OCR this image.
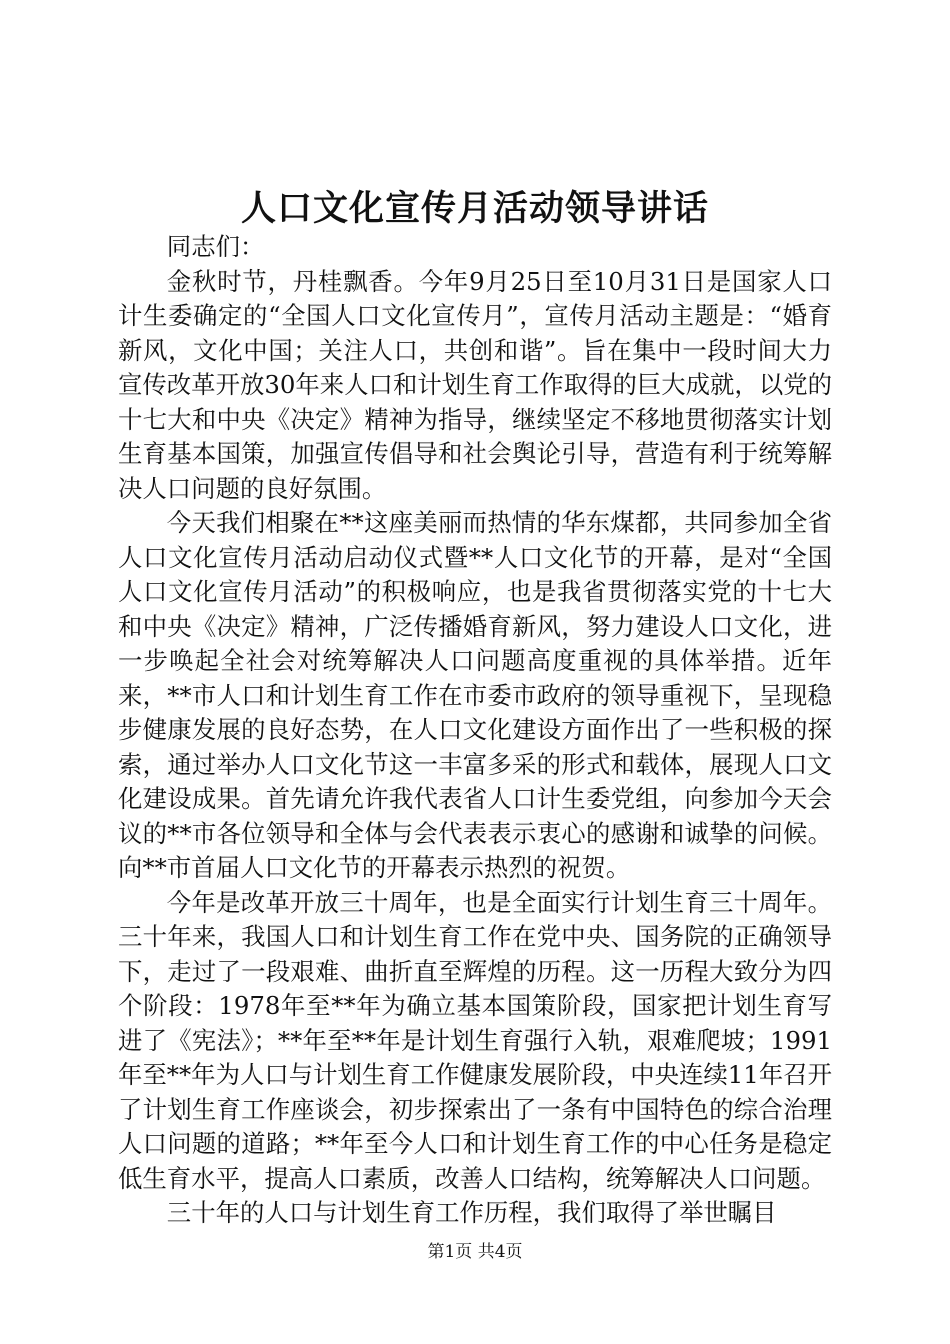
人口文化宣传月活动领导讲话

同志们：

金秋时节，丹桂飘香。今年9月25日至10月31日是国家人口计生委确定的“全国人口文化宣传月”，宣传月活动主题是：“婚育新风，文化中国；关注人口，共创和谐”。旨在集中一段时间大力宣传改革开放30年来人口和计划生育工作取得的巨大成就，以党的十七大和中央《决定》精神为指导，继续坚定不移地贯彻落实计划生育基本国策，加强宣传倡导和社会舆论引导，营造有利于统筹解决人口问题的良好氛围。

今天我们相聚在**这座美丽而热情的华东煤都，共同参加全省人口文化宣传月活动启动仪式暨**人口文化节的开幕，是对“全国人口文化宣传月活动”的积极响应，也是我省贯彻落实党的十七大和中央《决定》精神，广泛传播婚育新风，努力建设人口文化，进一步唤起全社会对统筹解决人口问题高度重视的具体举措。近年来，**市人口和计划生育工作在市委市政府的领导重视下，呈现稳步健康发展的良好态势，在人口文化建设方面作出了一些积极的探索，通过举办人口文化节这一丰富多采的形式和载体，展现人口文化建设成果。首先请允许我代表省人口计生委党组，向参加今天会议的**市各位领导和全体与会代表表示衷心的感谢和诚挚的问候。向**市首届人口文化节的开幕表示热烈的祝贺。

今年是改革开放三十周年，也是全面实行计划生育三十周年。三十年来，我国人口和计划生育工作在党中央、国务院的正确领导下，走过了一段艰难、曲折直至辉煌的历程。这一历程大致分为四个阶段：1978年至**年为确立基本国策阶段，国家把计划生育写进了《宪法》；**年至**年是计划生育强行入轨，艰难爬坡；1991年至**年为人口与计划生育工作健康发展阶段，中央连续11年召开了计划生育工作座谈会，初步探索出了一条有中国特色的综合治理人口问题的道路；**年至今人口和计划生育工作的中心任务是稳定低生育水平，提高人口素质，改善人口结构，统筹解决人口问题。

三十年的人口与计划生育工作历程，我们取得了举世瞩目

第1页 共4页
